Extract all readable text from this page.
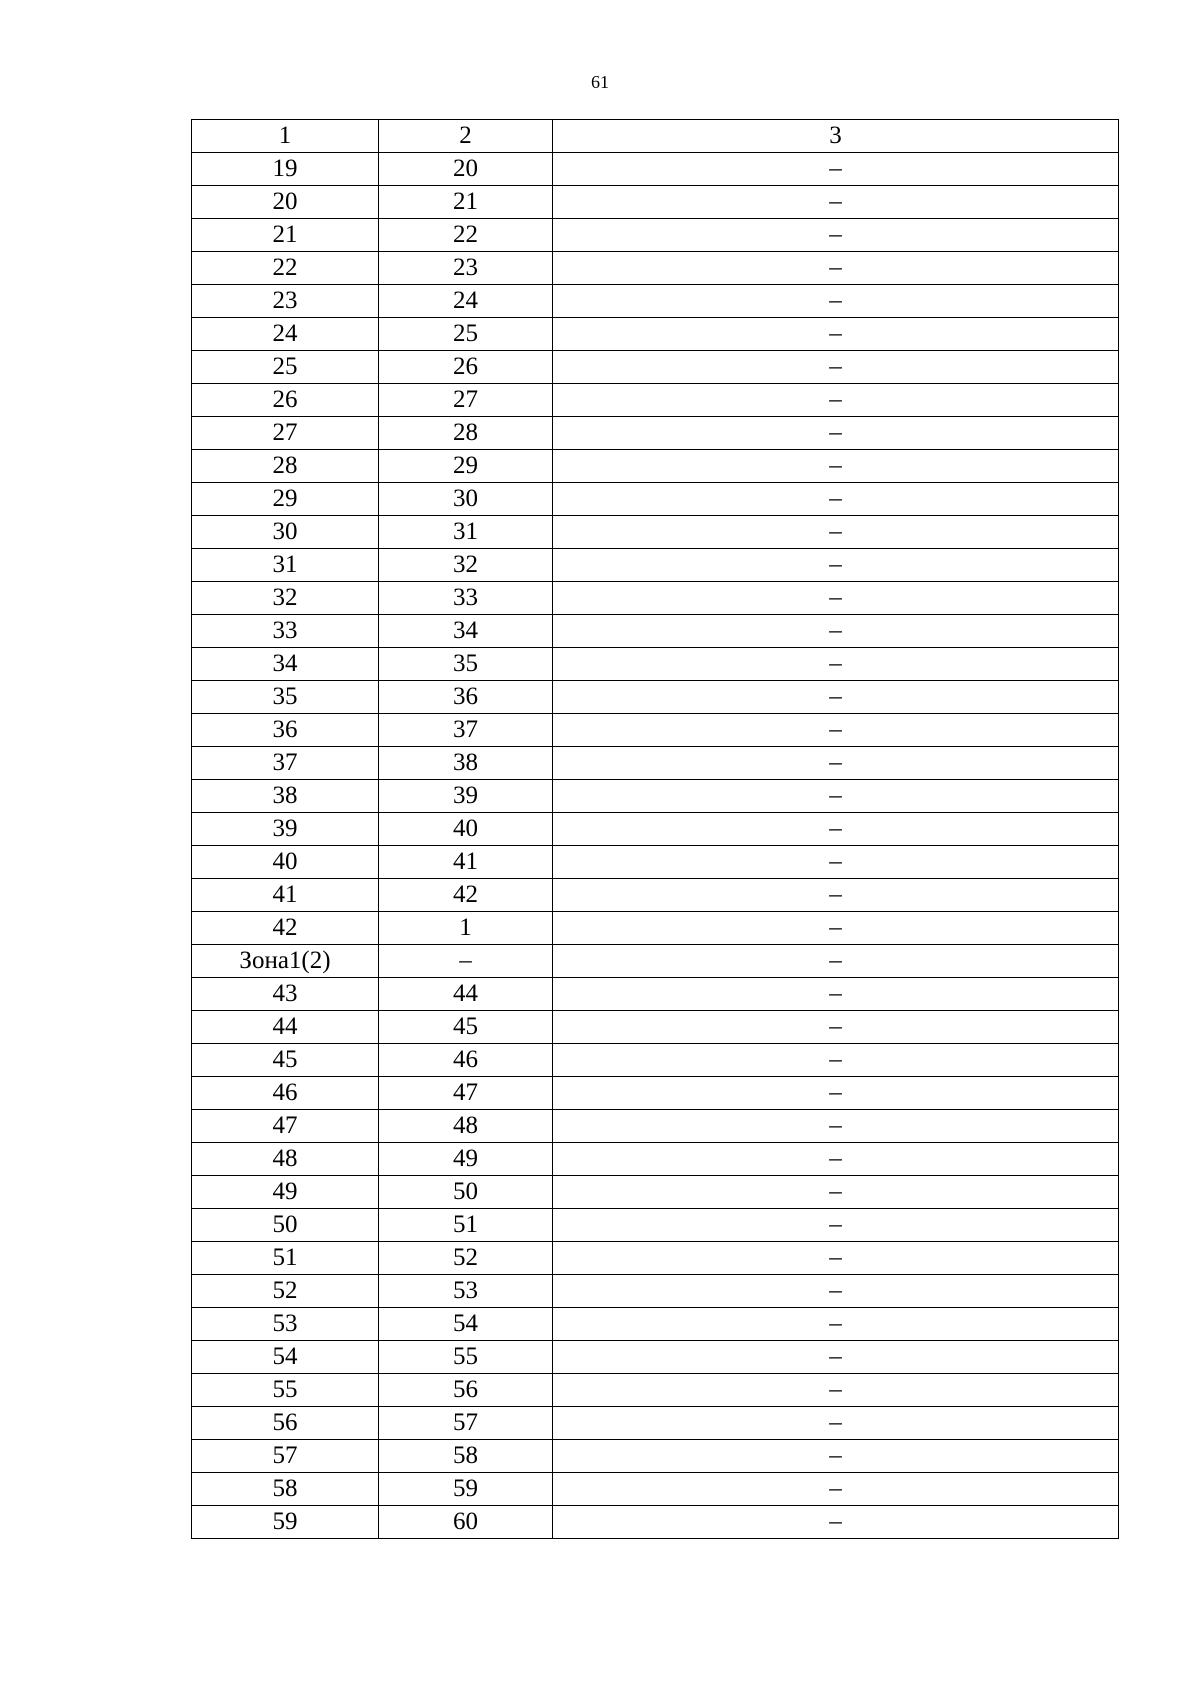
61
1	2	3
19	20	–
20	21	–
21	22	–
22	23	–
23	24	–
24	25	–
25	26	–
26	27	–
27	28	–
28	29	–
29	30	–
30	31	–
31	32	–
32	33	–
33	34	–
34	35	–
35	36	–
36	37	–
37	38	–
38	39	–
39	40	–
40	41	–
41	42	–
42	1	–
Зона1(2)	–	–
43	44	–
44	45	–
45	46	–
46	47	–
47	48	–
48	49	–
49	50	–
50	51	–
51	52	–
52	53	–
53	54	–
54	55	–
55	56	–
56	57	–
57	58	–
58	59	–
59	60	–
